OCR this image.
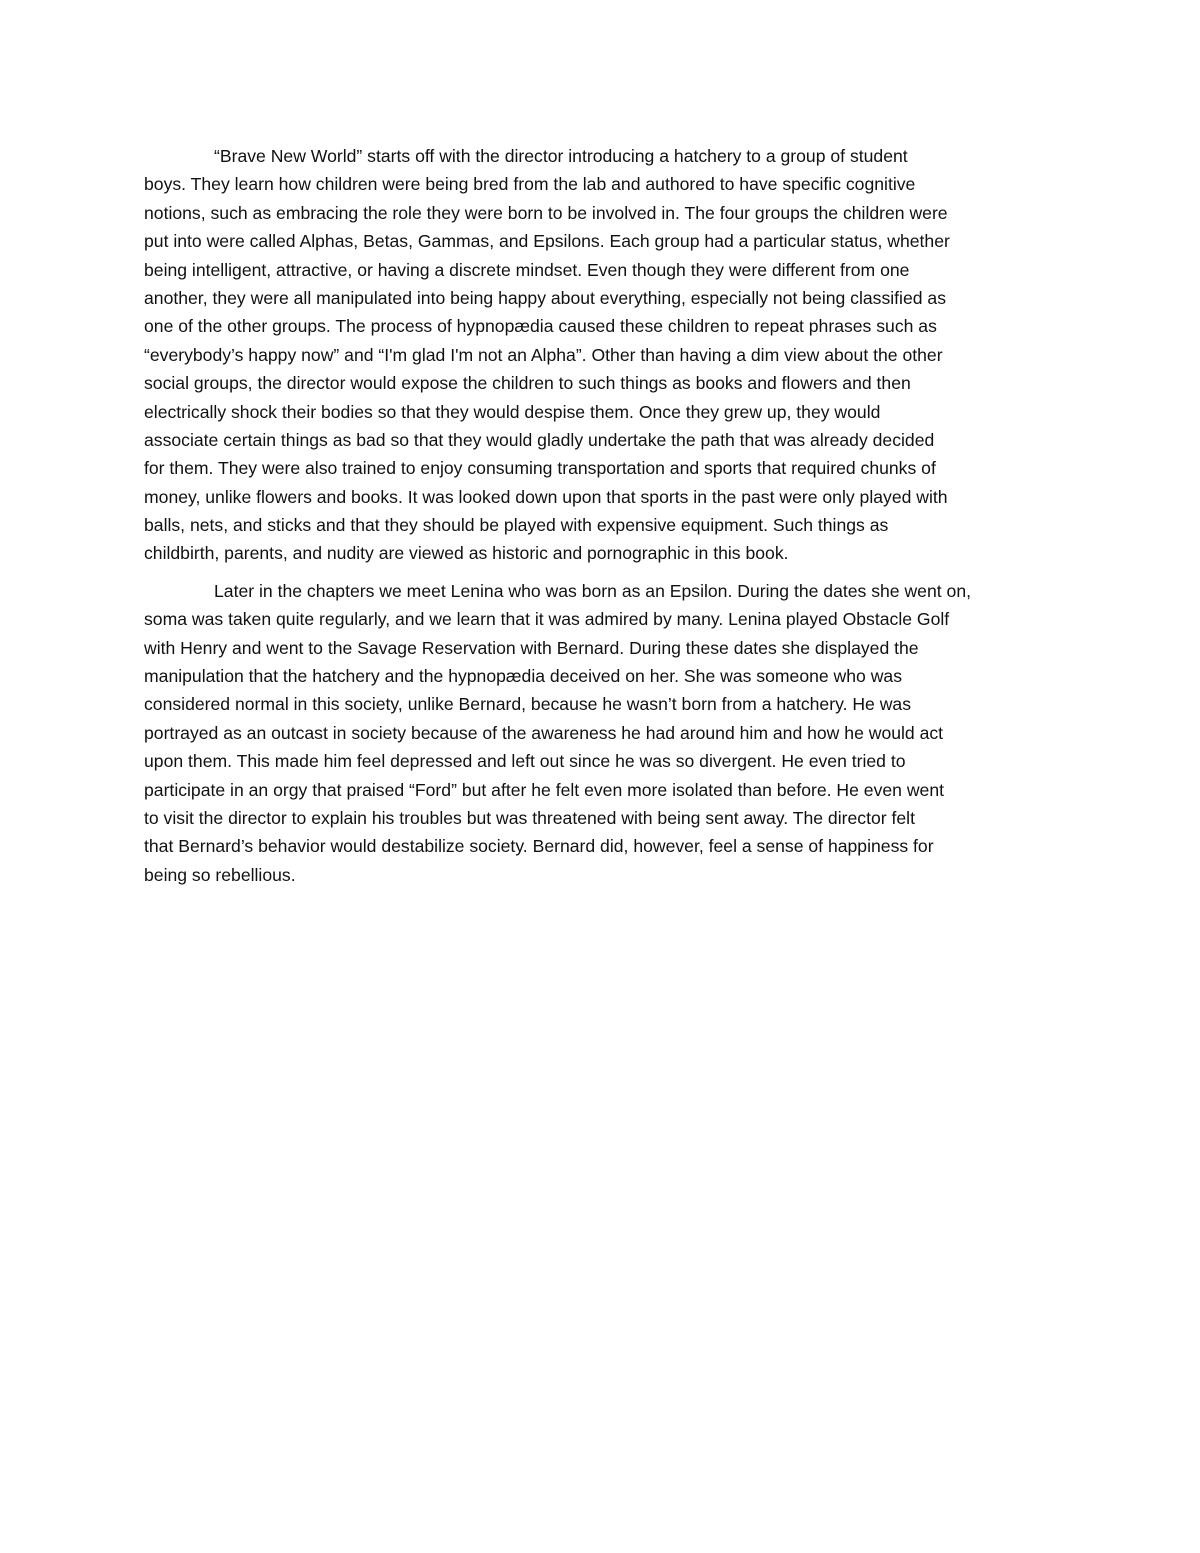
“Brave New World” starts off with the director introducing a hatchery to a group of student
boys. They learn how children were being bred from the lab and authored to have specific cognitive
notions, such as embracing the role they were born to be involved in. The four groups the children were
put into were called Alphas, Betas, Gammas, and Epsilons. Each group had a particular status, whether
being intelligent, attractive, or having a discrete mindset. Even though they were different from one
another, they were all manipulated into being happy about everything, especially not being classified as
one of the other groups. The process of hypnopædia caused these children to repeat phrases such as
“everybody’s happy now” and “I'm glad I'm not an Alpha”. Other than having a dim view about the other
social groups, the director would expose the children to such things as books and flowers and then
electrically shock their bodies so that they would despise them. Once they grew up, they would
associate certain things as bad so that they would gladly undertake the path that was already decided
for them. They were also trained to enjoy consuming transportation and sports that required chunks of
money, unlike flowers and books. It was looked down upon that sports in the past were only played with
balls, nets, and sticks and that they should be played with expensive equipment. Such things as
childbirth, parents, and nudity are viewed as historic and pornographic in this book.
Later in the chapters we meet Lenina who was born as an Epsilon. During the dates she went on,
soma was taken quite regularly, and we learn that it was admired by many. Lenina played Obstacle Golf
with Henry and went to the Savage Reservation with Bernard. During these dates she displayed the
manipulation that the hatchery and the hypnopædia deceived on her. She was someone who was
considered normal in this society, unlike Bernard, because he wasn’t born from a hatchery. He was
portrayed as an outcast in society because of the awareness he had around him and how he would act
upon them. This made him feel depressed and left out since he was so divergent. He even tried to
participate in an orgy that praised “Ford” but after he felt even more isolated than before. He even went
to visit the director to explain his troubles but was threatened with being sent away. The director felt
that Bernard’s behavior would destabilize society. Bernard did, however, feel a sense of happiness for
being so rebellious.
